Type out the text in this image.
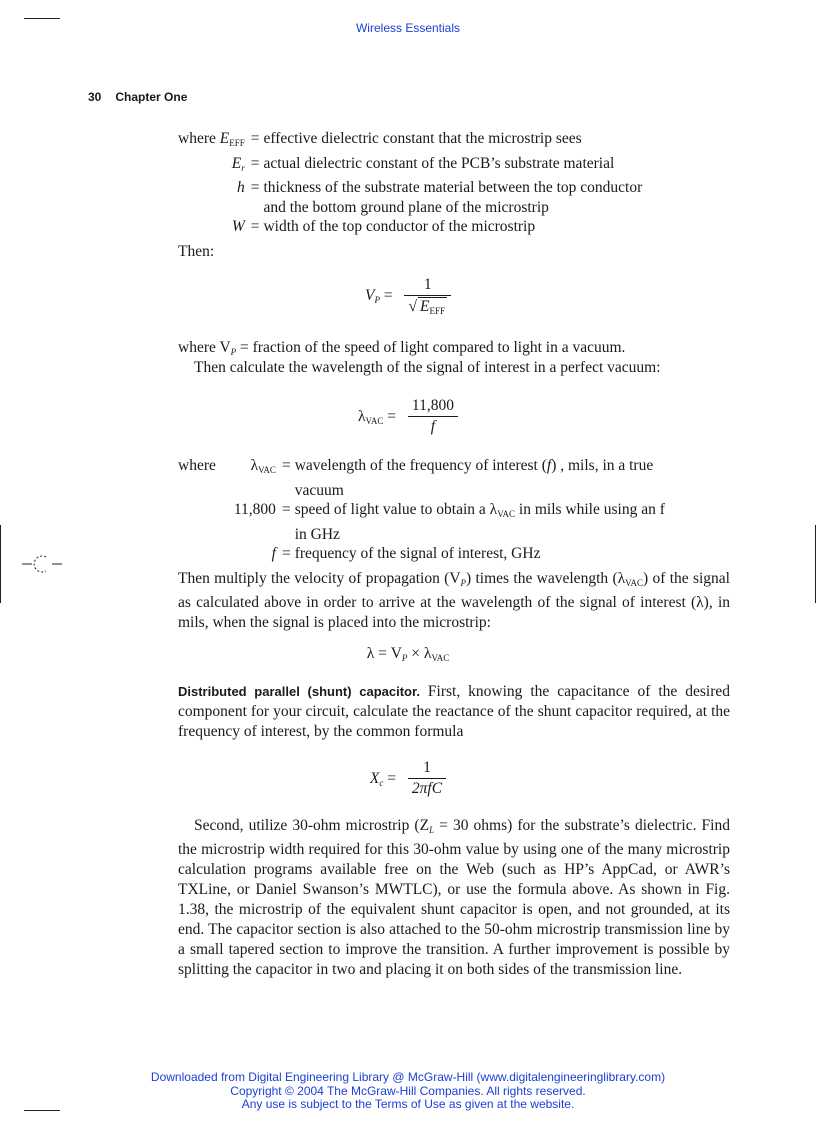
Wireless Essentials
30 Chapter One
where $E_{EFF}$	=	effective dielectric constant that the microstrip sees
$E_r$	=	actual dielectric constant of the PCB’s substrate material
h	=	thickness of the substrate material between the top conductor
		and the bottom ground plane of the microstrip
W	=	width of the top conductor of the microstrip
Then:
$V_P = \frac{1}{√ E_{EFF}}$
where $V_P$ = fraction of the speed of light compared to light in a vacuum.
Then calculate the wavelength of the signal of interest in a perfect vacuum:
$\lambda_{VAC} = \frac{11,800}{f}$
where	$\lambda_{VAC}$	=	wavelength of the frequency of interest (f) , mils, in a true
			vacuum
	11,800	=	speed of light value to obtain a $\lambda_{VAC}$ in mils while using an f
			in GHz
	f	=	frequency of the signal of interest, GHz
Then multiply the velocity of propagation $(V_P)$ times the wavelength $(\lambda_{VAC})$ of the signal as calculated above in order to arrive at the wavelength of the signal of interest (λ), in mils, when the signal is placed into the microstrip:
$\lambda = V_P \times \lambda_{VAC}$
Distributed parallel (shunt) capacitor. First, knowing the capacitance of the desired component for your circuit, calculate the reactance of the shunt capacitor required, at the frequency of interest, by the common formula
$X_c = \frac{1}{\text{2πfC}}$
Second, utilize 30-ohm microstrip ($Z_L = 30$ ohms) for the substrate’s dielectric. Find the microstrip width required for this 30-ohm value by using one of the many microstrip calculation programs available free on the Web (such as HP’s AppCad, or AWR’s TXLine, or Daniel Swanson’s MWTLC), or use the formula above. As shown in Fig. 1.38, the microstrip of the equivalent shunt capacitor is open, and not grounded, at its end. The capacitor section is also attached to the 50-ohm microstrip transmission line by a small tapered section to improve the transition. A further improvement is possible by splitting the capacitor in two and placing it on both sides of the transmission line.
Downloaded from Digital Engineering Library @ McGraw-Hill (www.digitalengineeringlibrary.com)
Copyright © 2004 The McGraw-Hill Companies. All rights reserved.
Any use is subject to the Terms of Use as given at the website.
